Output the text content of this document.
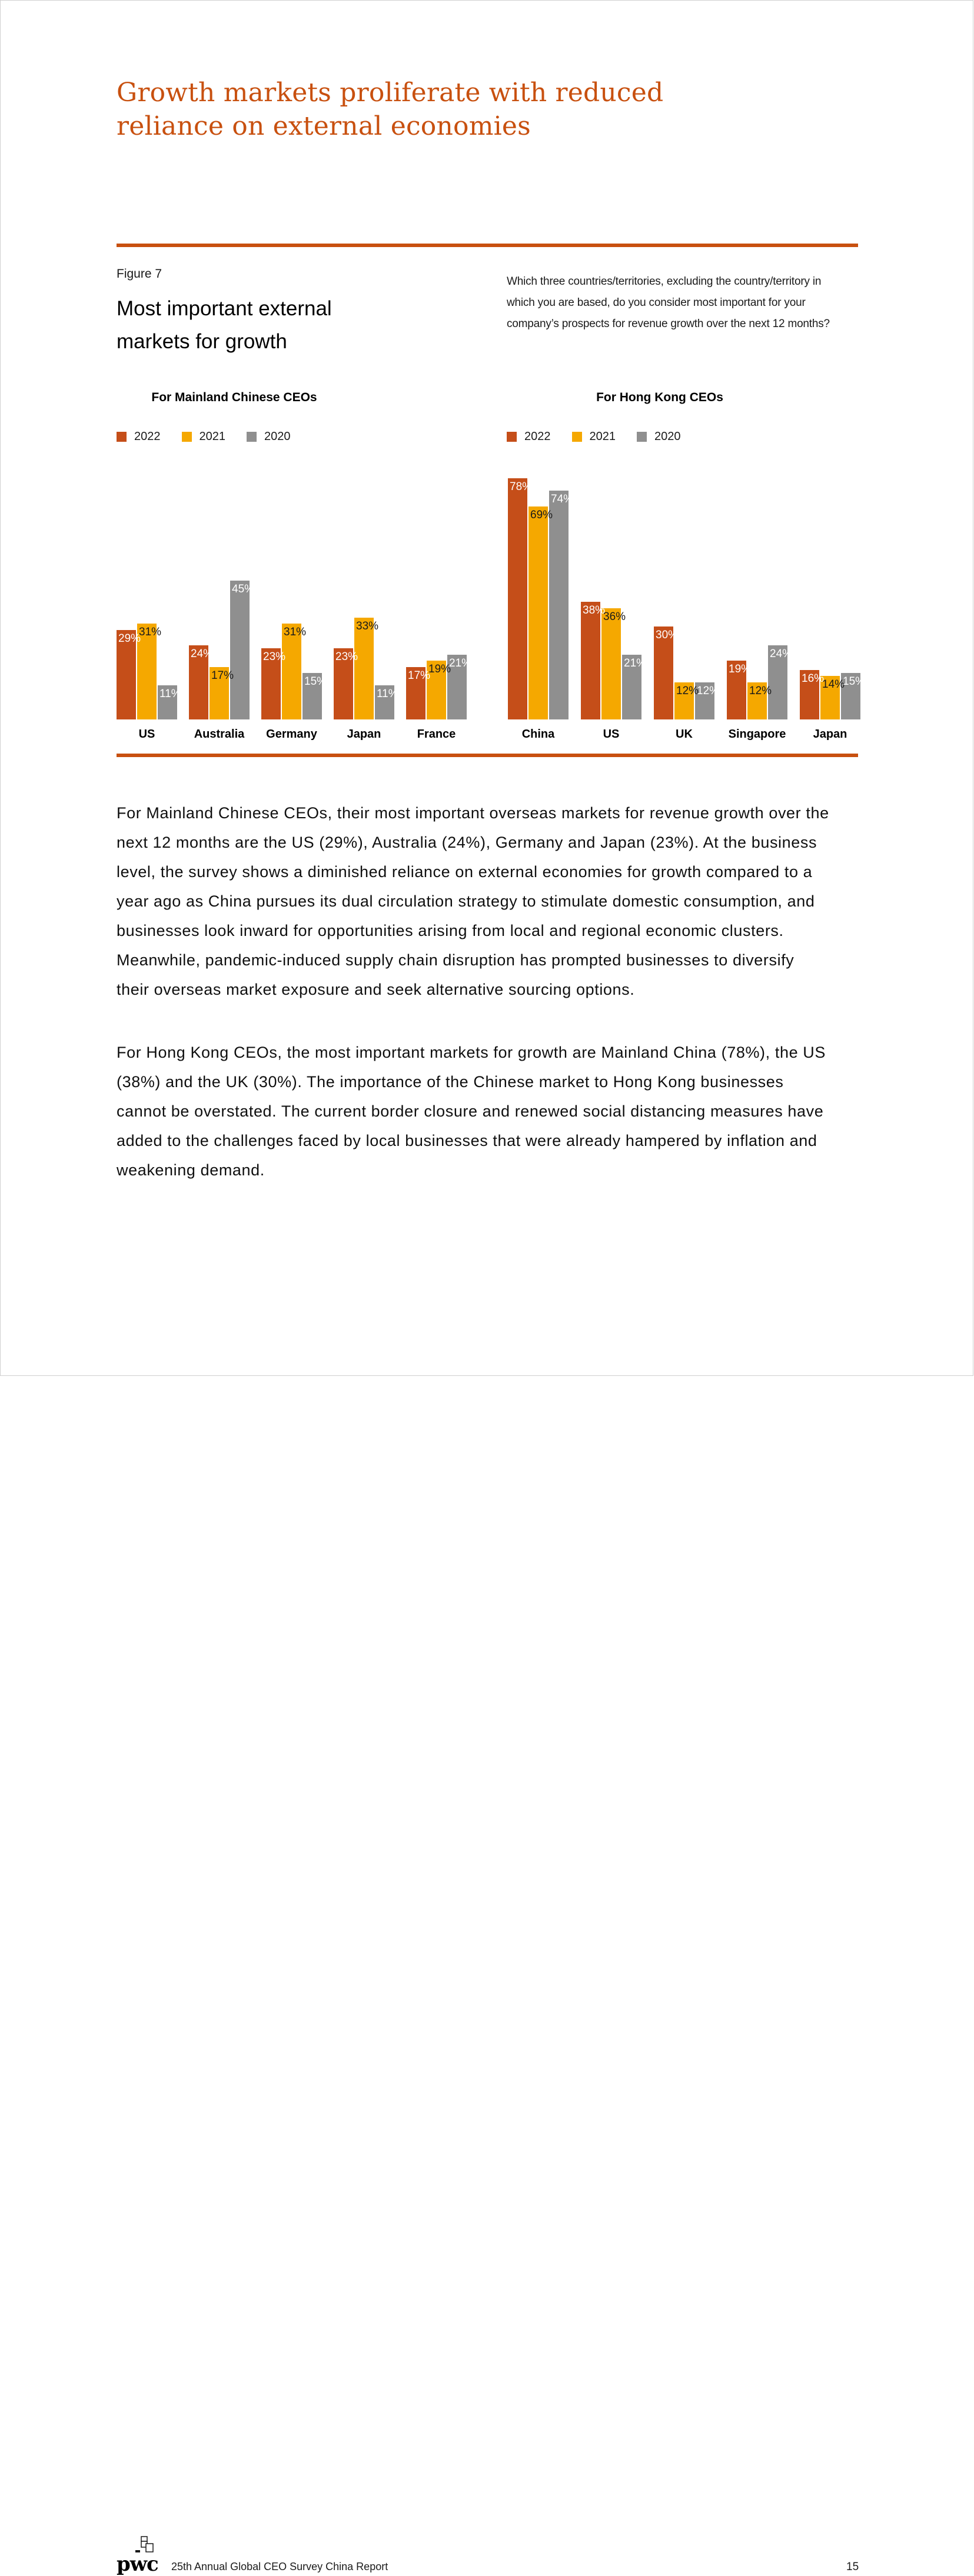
Growth markets proliferate with reduced
reliance on external economies
Figure 7
Most important external markets for growth
Which three countries/territories, excluding the country/territory in which you are based, do you consider most important for your company’s prospects for revenue growth over the next 12 months?
For Mainland Chinese CEOs
2022	2021	2020
29%
31%
11%
US
24%
17%
45%
Australia
23%
31%
15%
Germany
23%
33%
11%
Japan
17%
19%
21%
France
For Hong Kong CEOs
2022	2021	2020
78%
69%
74%
China
38%
36%
21%
US
30%
12%
12%
UK
19%
12%
24%
Singapore
16%
14%
15%
Japan

For Mainland Chinese CEOs, their most important overseas markets for revenue growth over the next 12 months are the US (29%), Australia (24%), Germany and Japan (23%). At the business level, the survey shows a diminished reliance on external economies for growth compared to a year ago as China pursues its dual circulation strategy to stimulate domestic consumption, and businesses look inward for opportunities arising from local and regional economic clusters. Meanwhile, pandemic-induced supply chain disruption has prompted businesses to diversify their overseas market exposure and seek alternative sourcing options.

For Hong Kong CEOs, the most important markets for growth are Mainland China (78%), the US (38%) and the UK (30%). The importance of the Chinese market to Hong Kong businesses cannot be overstated. The current border closure and renewed social distancing measures have added to the challenges faced by local businesses that were already hampered by inflation and weakening demand.

pwc 25th Annual Global CEO Survey China Report	15
